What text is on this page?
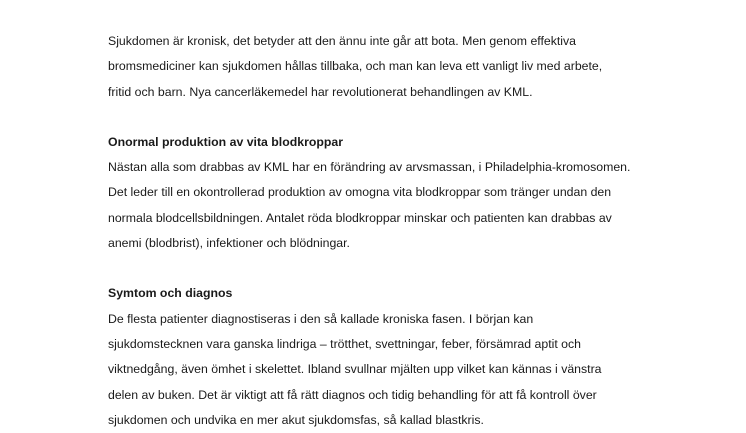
Sjukdomen är kronisk, det betyder att den ännu inte går att bota. Men genom effektiva

bromsmediciner kan sjukdomen hållas tillbaka, och man kan leva ett vanligt liv med arbete,

fritid och barn. Nya cancerläkemedel har revolutionerat behandlingen av KML.

Onormal produktion av vita blodkroppar

Nästan alla som drabbas av KML har en förändring av arvsmassan, i Philadelphia-kromosomen.

Det leder till en okontrollerad produktion av omogna vita blodkroppar som tränger undan den

normala blodcellsbildningen. Antalet röda blodkroppar minskar och patienten kan drabbas av

anemi (blodbrist), infektioner och blödningar.

Symtom och diagnos

De flesta patienter diagnostiseras i den så kallade kroniska fasen. I början kan

sjukdomstecknen vara ganska lindriga – trötthet, svettningar, feber, försämrad aptit och

viktnedgång, även ömhet i skelettet. Ibland svullnar mjälten upp vilket kan kännas i vänstra

delen av buken. Det är viktigt att få rätt diagnos och tidig behandling för att få kontroll över

sjukdomen och undvika en mer akut sjukdomsfas, så kallad blastkris.
